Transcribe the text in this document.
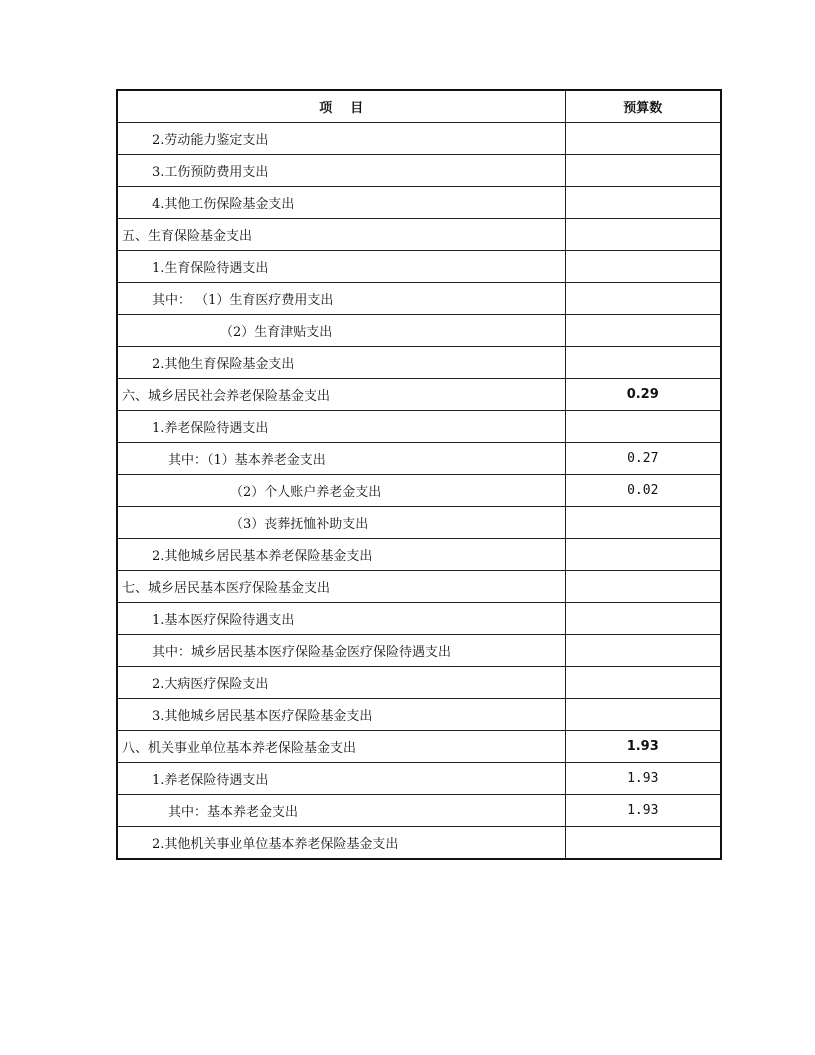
项    目	预算数
2.劳动能力鉴定支出	
3.工伤预防费用支出	
4.其他工伤保险基金支出	
五、生育保险基金支出	
1.生育保险待遇支出	
其中： （1）生育医疗费用支出	
（2）生育津贴支出	
2.其他生育保险基金支出	
六、城乡居民社会养老保险基金支出	0.29
1.养老保险待遇支出	
其中：（1）基本养老金支出	0.27
（2）个人账户养老金支出	0.02
（3）丧葬抚恤补助支出	
2.其他城乡居民基本养老保险基金支出	
七、城乡居民基本医疗保险基金支出	
1.基本医疗保险待遇支出	
其中：城乡居民基本医疗保险基金医疗保险待遇支出	
2.大病医疗保险支出	
3.其他城乡居民基本医疗保险基金支出	
八、机关事业单位基本养老保险基金支出	1.93
1.养老保险待遇支出	1.93
其中：基本养老金支出	1.93
2.其他机关事业单位基本养老保险基金支出	
